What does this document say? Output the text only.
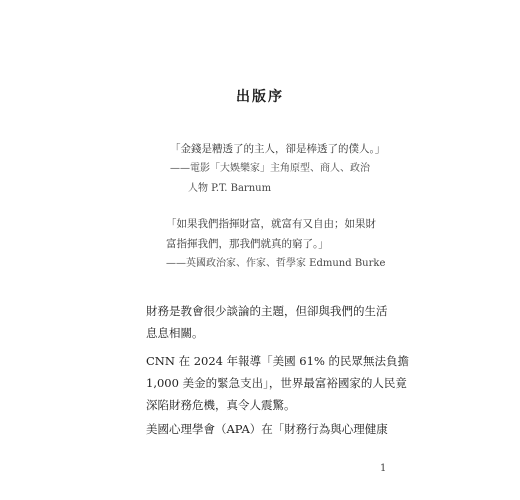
出版序
「金錢是糟透了的主人，卻是棒透了的僕人。」
——電影「大娛樂家」主角原型、商人、政治
人物 P.T. Barnum
「如果我們指揮財富，就富有又自由；如果財
富指揮我們，那我們就真的窮了。」
——英國政治家、作家、哲學家 Edmund Burke
財務是教會很少談論的主題，但卻與我們的生活
息息相關。
CNN 在 2024 年報導「美國 61% 的民眾無法負擔
1,000 美金的緊急支出」，世界最富裕國家的人民竟
深陷財務危機，真令人震驚。
美國心理學會（APA）在「財務行為與心理健康
1
